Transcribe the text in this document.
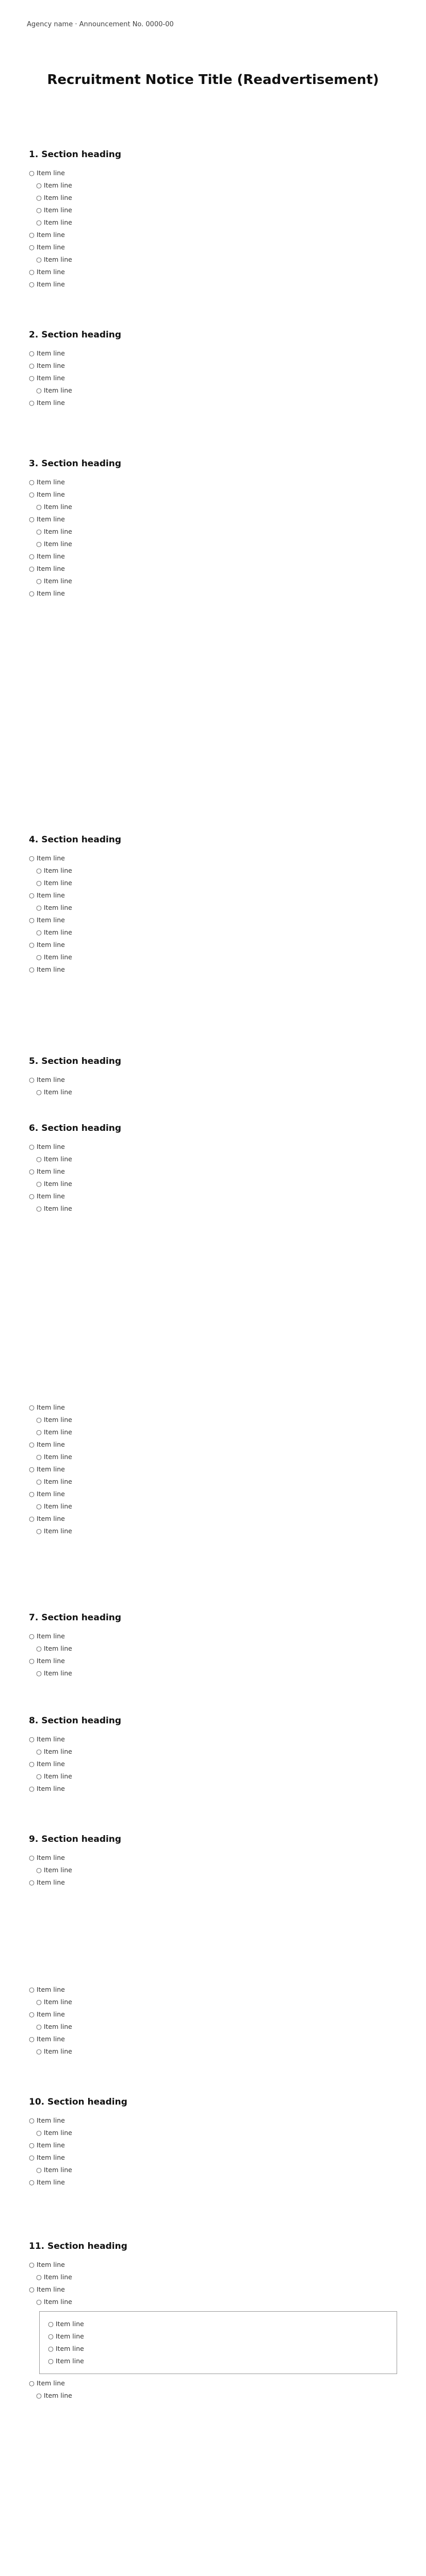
Agency name · Announcement No. 0000-00
Recruitment Notice Title (Readvertisement)
1. Section heading
○ Item line
○ Item line
○ Item line
○ Item line
○ Item line
○ Item line
○ Item line
○ Item line
○ Item line
○ Item line
2. Section heading
○ Item line
○ Item line
○ Item line
○ Item line
○ Item line
3. Section heading
○ Item line
○ Item line
○ Item line
○ Item line
○ Item line
○ Item line
○ Item line
○ Item line
○ Item line
○ Item line
4. Section heading
○ Item line
○ Item line
○ Item line
○ Item line
○ Item line
○ Item line
○ Item line
○ Item line
○ Item line
○ Item line
5. Section heading
○ Item line
○ Item line
6. Section heading
○ Item line
○ Item line
○ Item line
○ Item line
○ Item line
○ Item line
○ Item line
○ Item line
○ Item line
○ Item line
○ Item line
○ Item line
○ Item line
○ Item line
○ Item line
○ Item line
○ Item line
7. Section heading
○ Item line
○ Item line
○ Item line
○ Item line
8. Section heading
○ Item line
○ Item line
○ Item line
○ Item line
○ Item line
9. Section heading
○ Item line
○ Item line
○ Item line
○ Item line
○ Item line
○ Item line
○ Item line
○ Item line
○ Item line
10. Section heading
○ Item line
○ Item line
○ Item line
○ Item line
○ Item line
○ Item line
11. Section heading
○ Item line
○ Item line
○ Item line
○ Item line
○ Item line
○ Item line
○ Item line
○ Item line
○ Item line
○ Item line
